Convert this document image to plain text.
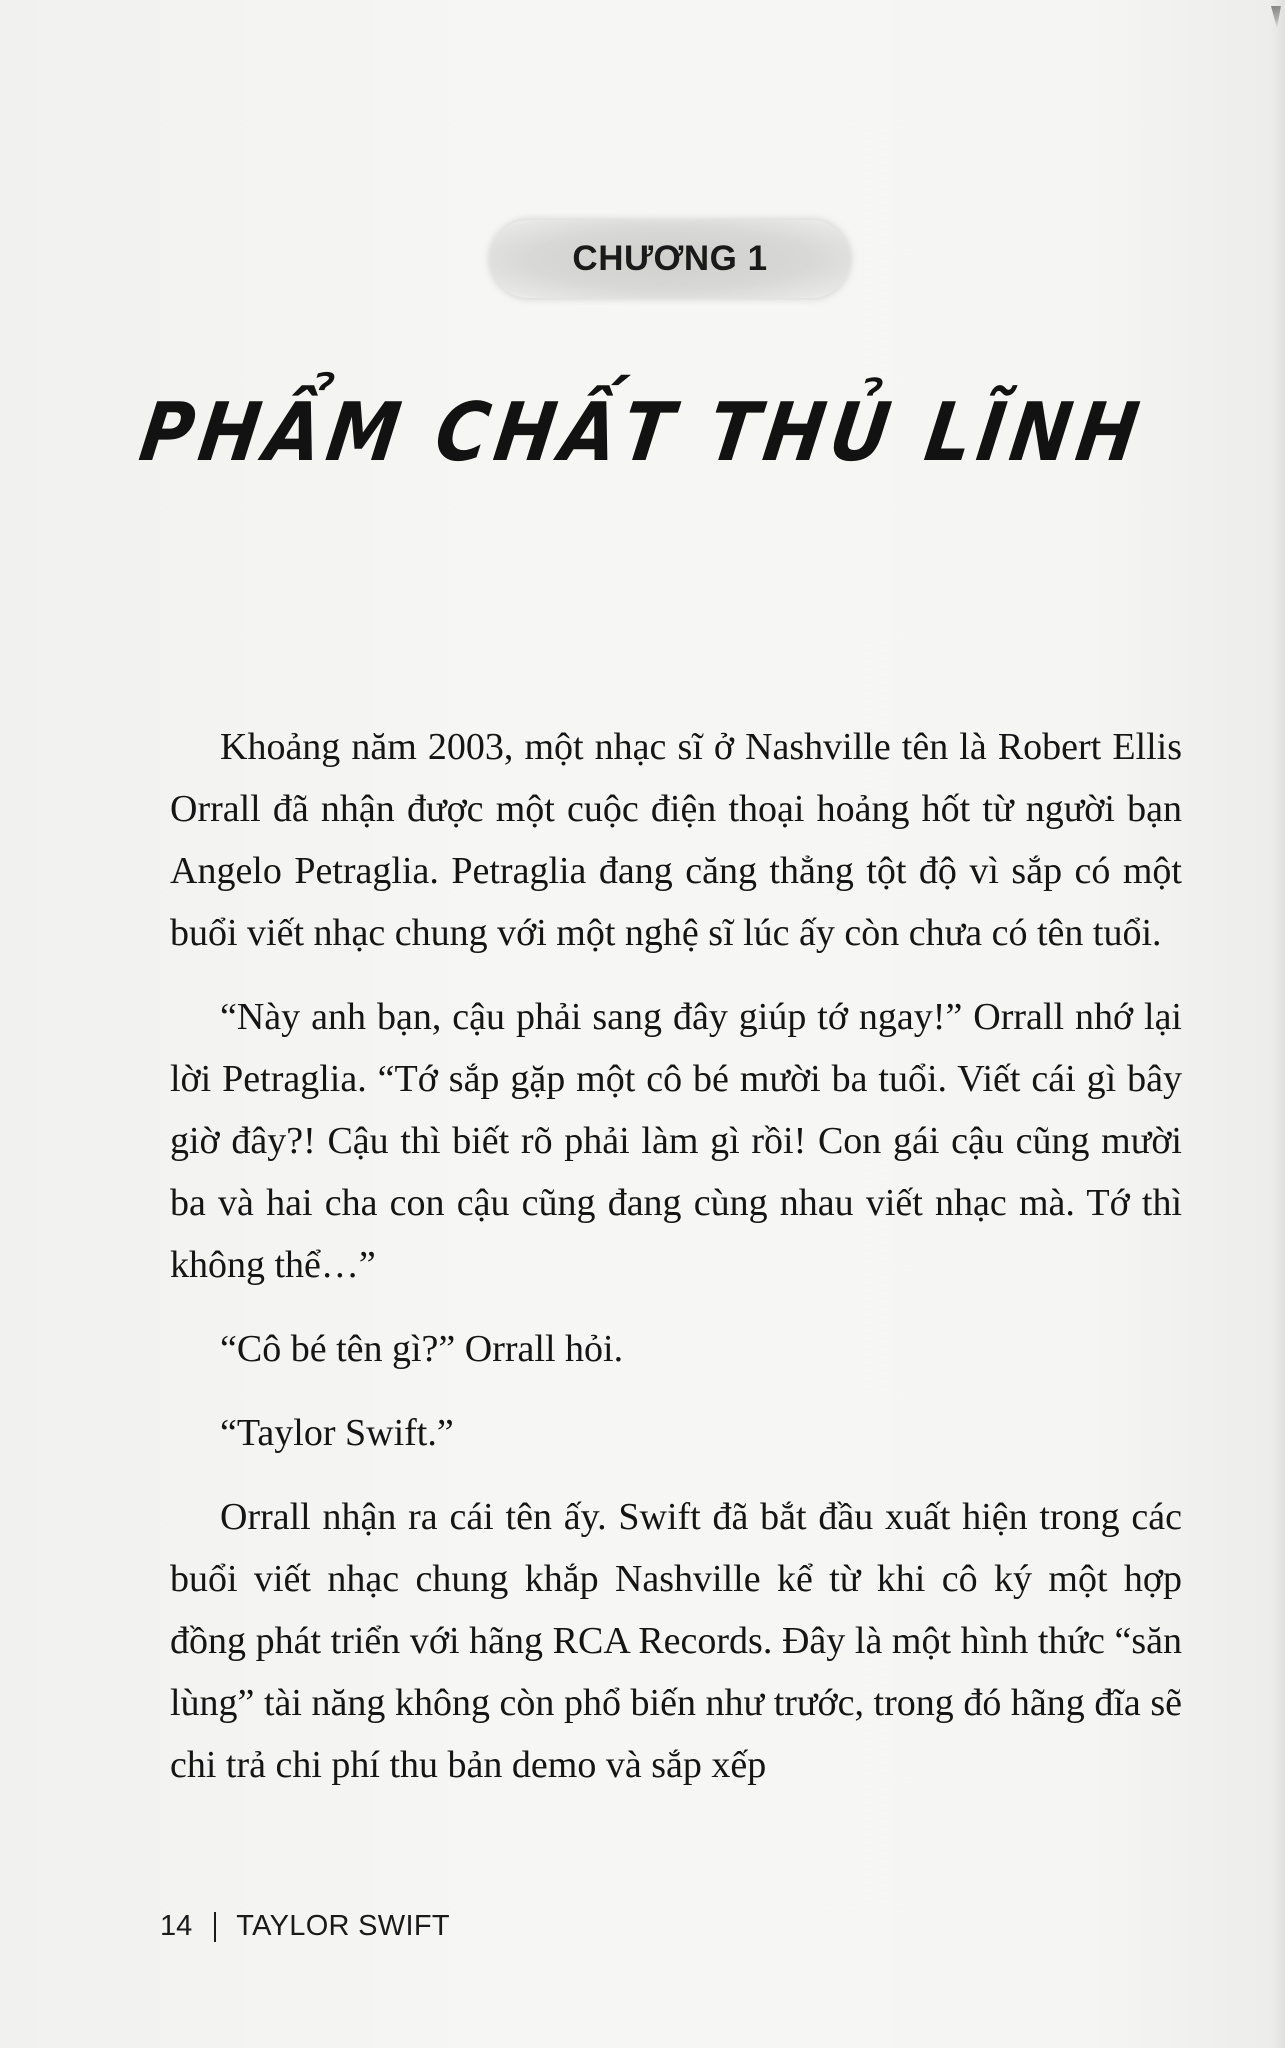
CHƯƠNG 1
PHẨM CHẤT THỦ LĨNH

Khoảng năm 2003, một nhạc sĩ ở Nashville tên là Robert Ellis Orrall đã nhận được một cuộc điện thoại hoảng hốt từ người bạn Angelo Petraglia. Petraglia đang căng thẳng tột độ vì sắp có một buổi viết nhạc chung với một nghệ sĩ lúc ấy còn chưa có tên tuổi.

“Này anh bạn, cậu phải sang đây giúp tớ ngay!” Orrall nhớ lại lời Petraglia. “Tớ sắp gặp một cô bé mười ba tuổi. Viết cái gì bây giờ đây?! Cậu thì biết rõ phải làm gì rồi! Con gái cậu cũng mười ba và hai cha con cậu cũng đang cùng nhau viết nhạc mà. Tớ thì không thể…”

“Cô bé tên gì?” Orrall hỏi.

“Taylor Swift.”

Orrall nhận ra cái tên ấy. Swift đã bắt đầu xuất hiện trong các buổi viết nhạc chung khắp Nashville kể từ khi cô ký một hợp đồng phát triển với hãng RCA Records. Đây là một hình thức “săn lùng” tài năng không còn phổ biến như trước, trong đó hãng đĩa sẽ chi trả chi phí thu bản demo và sắp xếp

14 TAYLOR SWIFT
